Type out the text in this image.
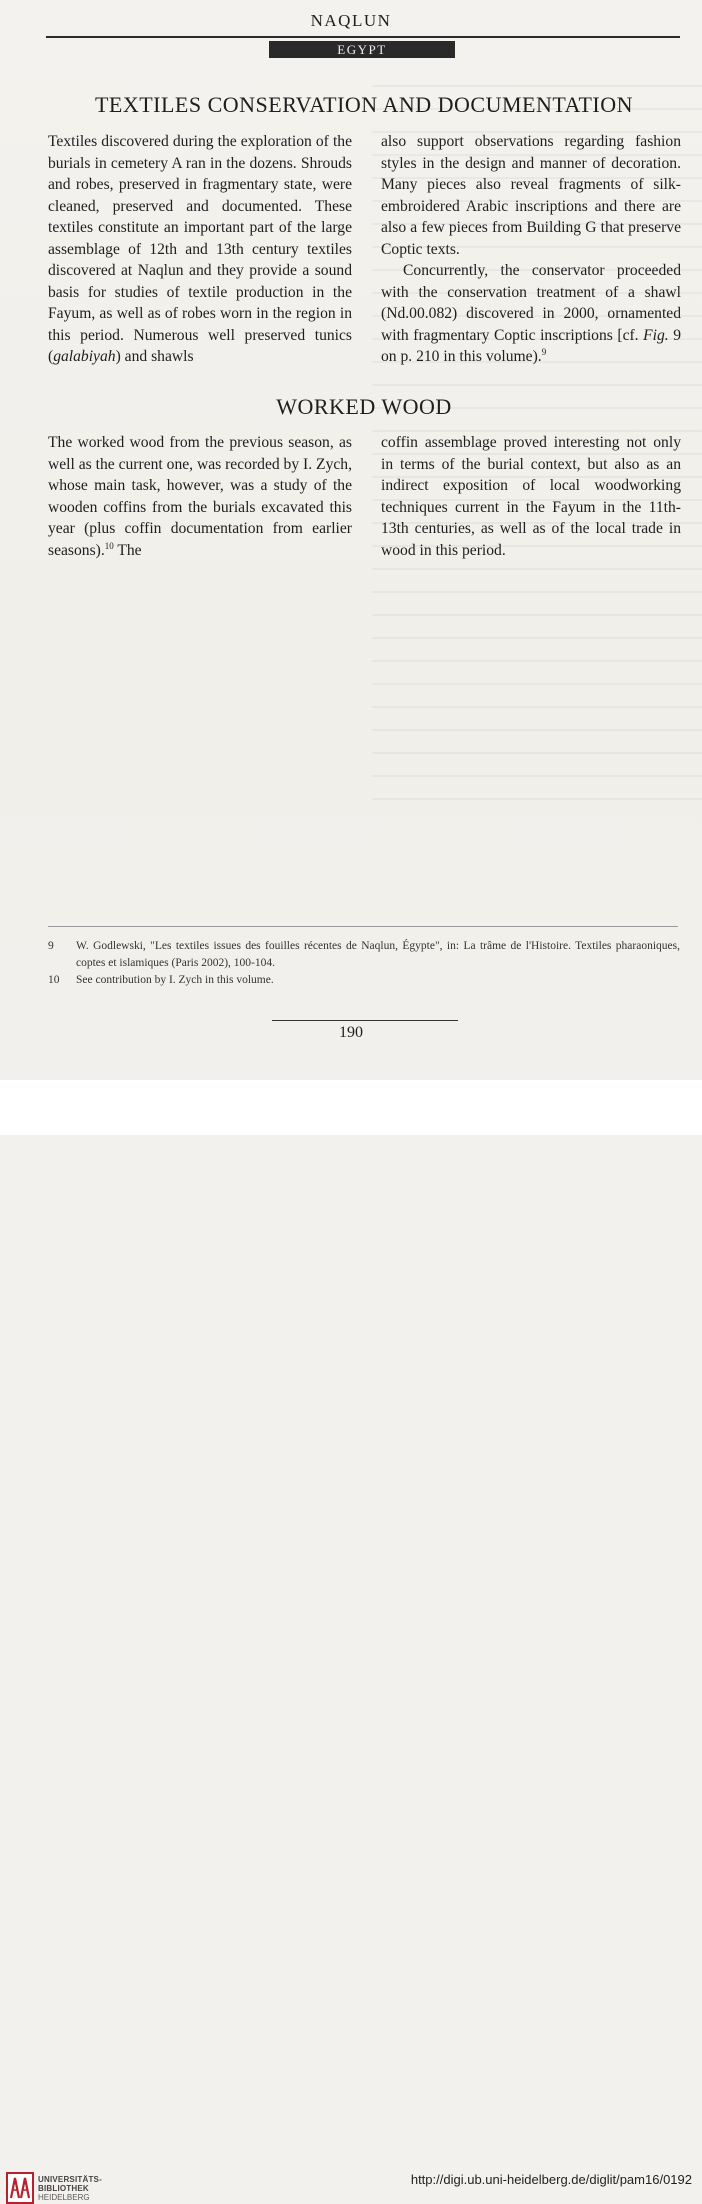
NAQLUN
EGYPT
TEXTILES CONSERVATION AND DOCUMENTATION

Textiles discovered during the exploration of the burials in cemetery A ran in the dozens. Shrouds and robes, preserved in fragmentary state, were cleaned, preserved and documented. These textiles constitute an important part of the large assemblage of 12th and 13th century textiles discovered at Naqlun and they provide a sound basis for studies of textile production in the Fayum, as well as of robes worn in the region in this period. Numerous well preserved tunics (galabiyah) and shawls

also support observations regarding fashion styles in the design and manner of decoration. Many pieces also reveal fragments of silk-embroidered Arabic inscriptions and there are also a few pieces from Building G that preserve Coptic texts.

Concurrently, the conservator proceeded with the conservation treatment of a shawl (Nd.00.082) discovered in 2000, ornamented with fragmentary Coptic inscriptions [cf. Fig. 9 on p. 210 in this volume).$^9$

WORKED WOOD

The worked wood from the previous season, as well as the current one, was recorded by I. Zych, whose main task, however, was a study of the wooden coffins from the burials excavated this year (plus coffin documentation from earlier seasons).$^{10}$ The

coffin assemblage proved interesting not only in terms of the burial context, but also as an indirect exposition of local woodworking techniques current in the Fayum in the 11th-13th centuries, as well as of the local trade in wood in this period.

9 W. Godlewski, "Les textiles issues des fouilles récentes de Naqlun, Égypte", in: La trâme de l'Histoire. Textiles pharaoniques, coptes et islamiques (Paris 2002), 100-104.
10 See contribution by I. Zych in this volume.
190
UNIVERSITÄTS-
BIBLIOTHEK
HEIDELBERG
http://digi.ub.uni-heidelberg.de/diglit/pam16/0192
